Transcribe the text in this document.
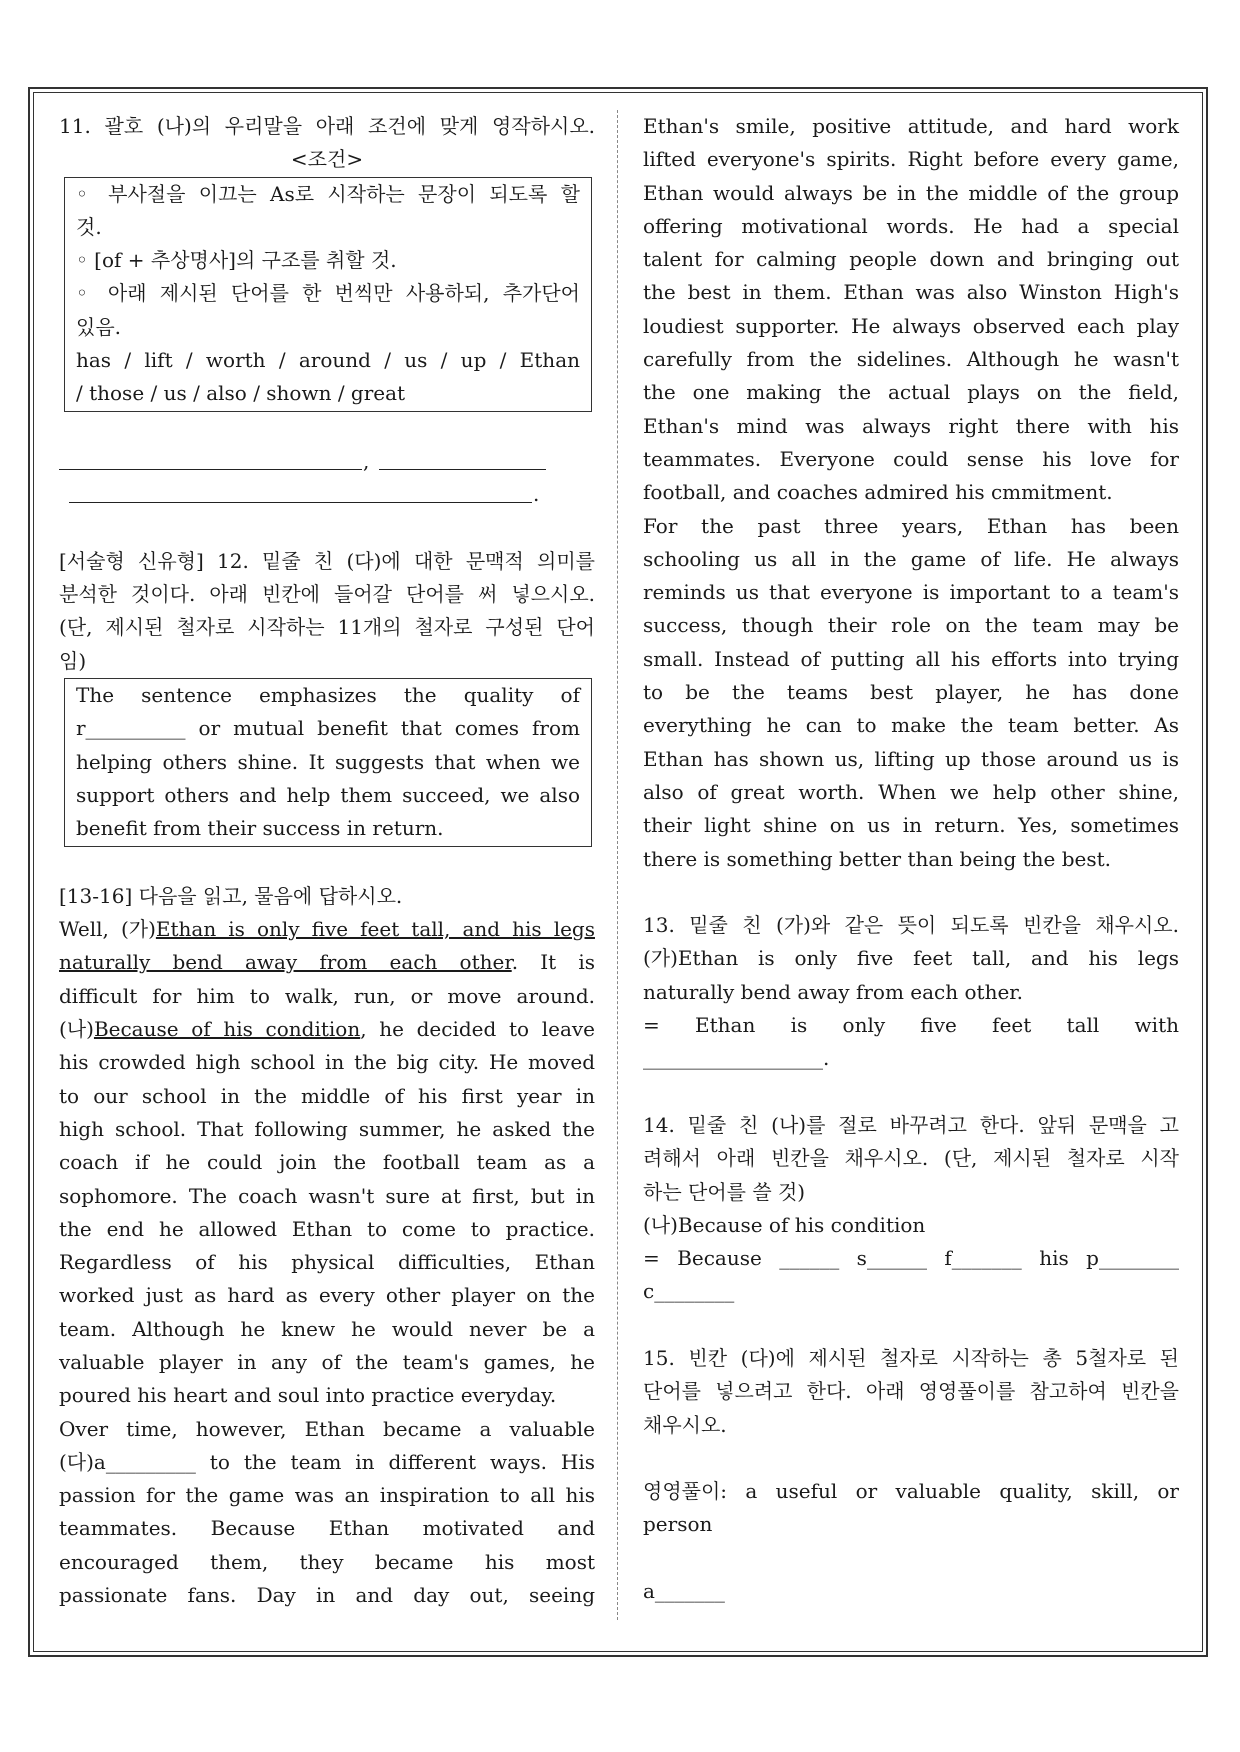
11. 괄호 (나)의 우리말을 아래 조건에 맞게 영작하시오.

<조건>

◦ 부사절을 이끄는 As로 시작하는 문장이 되도록 할

것.

◦ [of + 추상명사]의 구조를 취할 것.

◦ 아래 제시된 단어를 한 번씩만 사용하되, 추가단어

있음.

has / lift / worth / around / us / up / Ethan

/ those / us / also / shown / great

,
.

[서술형 신유형] 12. 밑줄 친 (다)에 대한 문맥적 의미를

분석한 것이다. 아래 빈칸에 들어갈 단어를 써 넣으시오.

(단, 제시된 철자로 시작하는 11개의 철자로 구성된 단어

임)

The sentence emphasizes the quality of

r__________ or mutual benefit that comes from

helping others shine. It suggests that when we

support others and help them succeed, we also

benefit from their success in return.

[13-16] 다음을 읽고, 물음에 답하시오.

Well, (가)Ethan is only five feet tall, and his legs

naturally bend away from each other. It is

difficult for him to walk, run, or move around.

(나)Because of his condition, he decided to leave

his crowded high school in the big city. He moved

to our school in the middle of his first year in

high school. That following summer, he asked the

coach if he could join the football team as a

sophomore. The coach wasn't sure at first, but in

the end he allowed Ethan to come to practice.

Regardless of his physical difficulties, Ethan

worked just as hard as every other player on the

team. Although he knew he would never be a

valuable player in any of the team's games, he

poured his heart and soul into practice everyday.

Over time, however, Ethan became a valuable

(다)a_________ to the team in different ways. His

passion for the game was an inspiration to all his

teammates. Because Ethan motivated and

encouraged them, they became his most

passionate fans. Day in and day out, seeing

Ethan's smile, positive attitude, and hard work

lifted everyone's spirits. Right before every game,

Ethan would always be in the middle of the group

offering motivational words. He had a special

talent for calming people down and bringing out

the best in them. Ethan was also Winston High's

loudiest supporter. He always observed each play

carefully from the sidelines. Although he wasn't

the one making the actual plays on the field,

Ethan's mind was always right there with his

teammates. Everyone could sense his love for

football, and coaches admired his cmmitment.

For the past three years, Ethan has been

schooling us all in the game of life. He always

reminds us that everyone is important to a team's

success, though their role on the team may be

small. Instead of putting all his efforts into trying

to be the teams best player, he has done

everything he can to make the team better. As

Ethan has shown us, lifting up those around us is

also of great worth. When we help other shine,

their light shine on us in return. Yes, sometimes

there is something better than being the best.

13. 밑줄 친 (가)와 같은 뜻이 되도록 빈칸을 채우시오.

(가)Ethan is only five feet tall, and his legs

naturally bend away from each other.

= Ethan is only five feet tall with

__________________.

14. 밑줄 친 (나)를 절로 바꾸려고 한다. 앞뒤 문맥을 고

려해서 아래 빈칸을 채우시오. (단, 제시된 철자로 시작

하는 단어를 쓸 것)

(나)Because of his condition

= Because ______ s______ f_______ his p________

c________

15. 빈칸 (다)에 제시된 철자로 시작하는 총 5철자로 된

단어를 넣으려고 한다. 아래 영영풀이를 참고하여 빈칸을

채우시오.

영영풀이: a useful or valuable quality, skill, or

person

a_______
